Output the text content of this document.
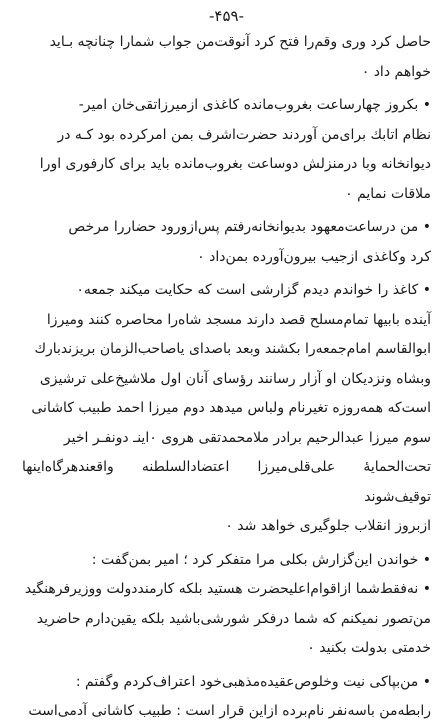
-۴۵۹-

حاصل کرد وری وقم‌را فتح کرد آنوقت‌من جواب شمارا چنانچه بـاید

خواهم داد ٠

• بکروز چهارساعت بغروب‌مانده کاغذی ازمیرزاتقی‌خان امیر-

نظام اتابك برای‌من آوردند حضرت‌اشرف بمن امرکرده بود کـه در

دیوانخانه وبا درمنزلش دوساعت بغروب‌مانده باید برای کارفوری اورا

ملاقات نمایم ٠

• من درساعت‌معهود بدیوانخانه‌رفتم پس‌ازورود حضاررا مرخص

کرد وکاغذی ازجیب بیرون‌آورده بمن‌داد ٠

• کاغذ را خواندم دیدم گزارشی است که حکایت میکند جمعه٠

آینده بابیها تمام‌مسلح قصد دارند مسجد شاه‌را محاصره کنند ومیرزا

ابوالقاسم امام‌جمعه‌را بکشند وبعد باصدای یاصاحب‌الزمان بریزندبارك

وبشاه ونزدیکان او آزار رسانند رؤسای آنان اول ملاشیخ‌علی ترشیزی

است‌که همه‌روزه تغیرنام ولباس میدهد دوم میرزا احمد طبیب کاشانی

سوم میرزا عبدالرحیم برادر ملامحمدتقی هروی ٠اینـ دونفـر اخیر

تحت‌الحمایهٔ علی‌قلی‌میرزا اعتضادالسلطنه واقعندهرگاه‌اینها توقیف‌شوند

ازبروز انقلاب جلوگیری خواهد شد ٠

• خواندن این‌گزارش بکلی مرا متفکر کرد ؛ امیر بمن‌گفت :

• نه‌فقط‌شما ازاقوام‌اعلیحضرت هستید بلکه کارمنددولت ووزیرفرهنگید

من‌تصور نمیکنم که شما درفکر شورشی‌باشید بلکه یقین‌دارم حاضرید

خدمتی بدولت بکنید ٠

• من‌بپاکی نیت وخلوص‌عقیده‌مذهبی‌خود اعتراف‌کردم وگفتم :

رابطه‌من باسه‌نفر نام‌برده ازاین قرار است : طبیب کاشانی آدمی‌است
